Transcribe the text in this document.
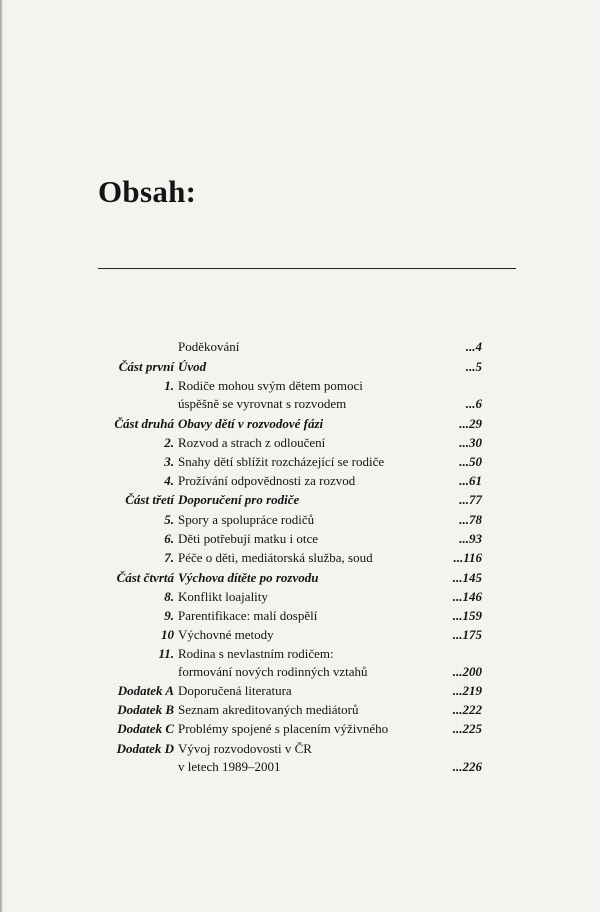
Obsah:
Poděkování	...4
Část první Úvod	...5
1. Rodiče mohou svým dětem pomoci
úspěšně se vyrovnat s rozvodem	...6
Část druhá Obavy dětí v rozvodové fázi	...29
2. Rozvod a strach z odloučení	...30
3. Snahy dětí sblížit rozcházející se rodiče	...50
4. Prožívání odpovědnosti za rozvod	...61
Část třetí Doporučení pro rodiče	...77
5. Spory a spolupráce rodičů	...78
6. Děti potřebují matku i otce	...93
7. Péče o děti, mediátorská služba, soud	...116
Část čtvrtá Výchova dítěte po rozvodu	...145
8. Konflikt loajality	...146
9. Parentifikace: malí dospělí	...159
10 Výchovné metody	...175
11. Rodina s nevlastním rodičem:
formování nových rodinných vztahů	...200
Dodatek A Doporučená literatura	...219
Dodatek B Seznam akreditovaných mediátorů	...222
Dodatek C Problémy spojené s placením výživného	...225
Dodatek D Vývoj rozvodovosti v ČR
v letech 1989–2001	...226
